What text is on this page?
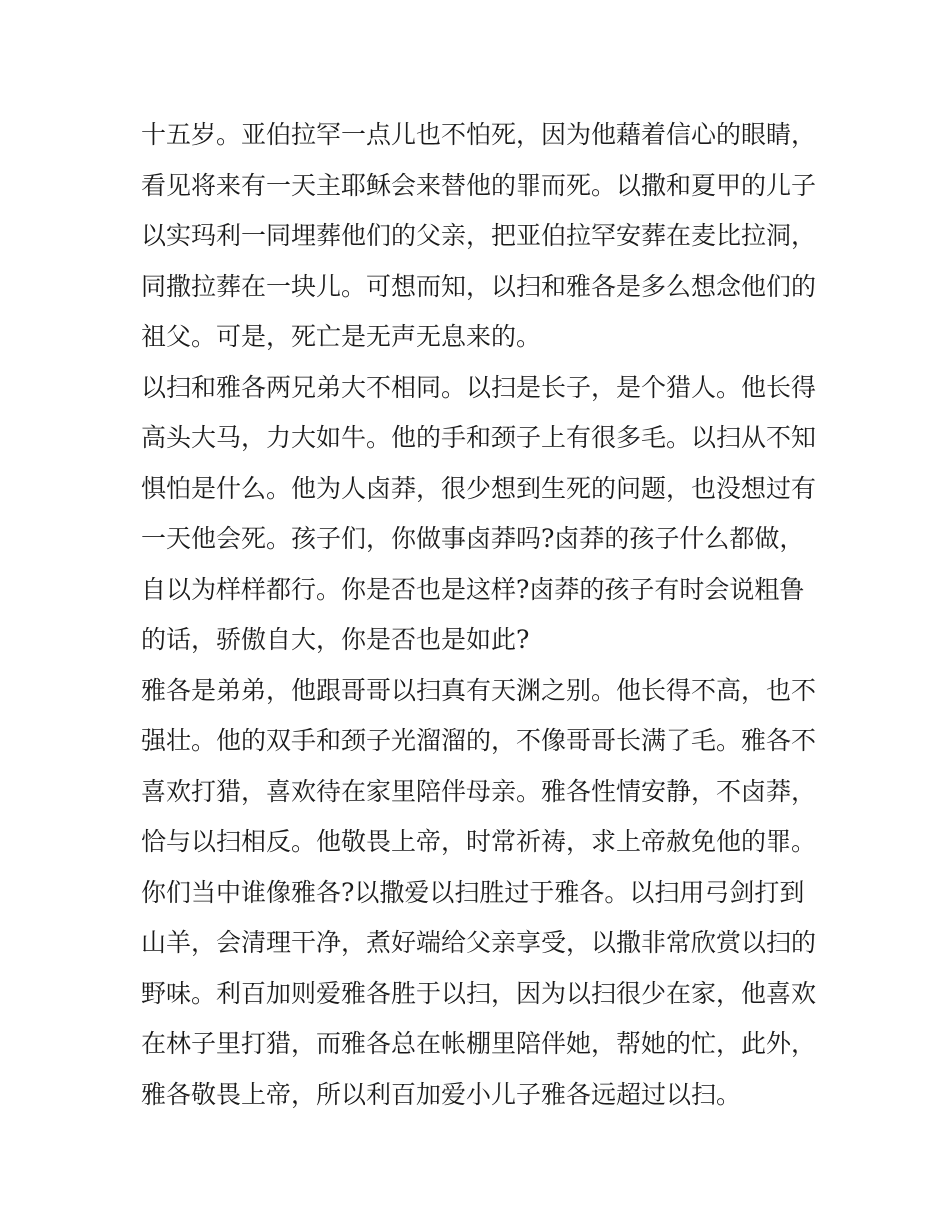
十五岁。亚伯拉罕一点儿也不怕死，因为他藉着信心的眼睛，
看见将来有一天主耶稣会来替他的罪而死。以撒和夏甲的儿子
以实玛利一同埋葬他们的父亲，把亚伯拉罕安葬在麦比拉洞，
同撒拉葬在一块儿。可想而知，以扫和雅各是多么想念他们的
祖父。可是，死亡是无声无息来的。
以扫和雅各两兄弟大不相同。以扫是长子，是个猎人。他长得
高头大马，力大如牛。他的手和颈子上有很多毛。以扫从不知
惧怕是什么。他为人卤莽，很少想到生死的问题，也没想过有
一天他会死。孩子们，你做事卤莽吗?卤莽的孩子什么都做，
自以为样样都行。你是否也是这样?卤莽的孩子有时会说粗鲁
的话，骄傲自大，你是否也是如此?
雅各是弟弟，他跟哥哥以扫真有天渊之别。他长得不高，也不
强壮。他的双手和颈子光溜溜的，不像哥哥长满了毛。雅各不
喜欢打猎，喜欢待在家里陪伴母亲。雅各性情安静，不卤莽，
恰与以扫相反。他敬畏上帝，时常祈祷，求上帝赦免他的罪。
你们当中谁像雅各?以撒爱以扫胜过于雅各。以扫用弓剑打到
山羊，会清理干净，煮好端给父亲享受，以撒非常欣赏以扫的
野味。利百加则爱雅各胜于以扫，因为以扫很少在家，他喜欢
在林子里打猎，而雅各总在帐棚里陪伴她，帮她的忙，此外，
雅各敬畏上帝，所以利百加爱小儿子雅各远超过以扫。
